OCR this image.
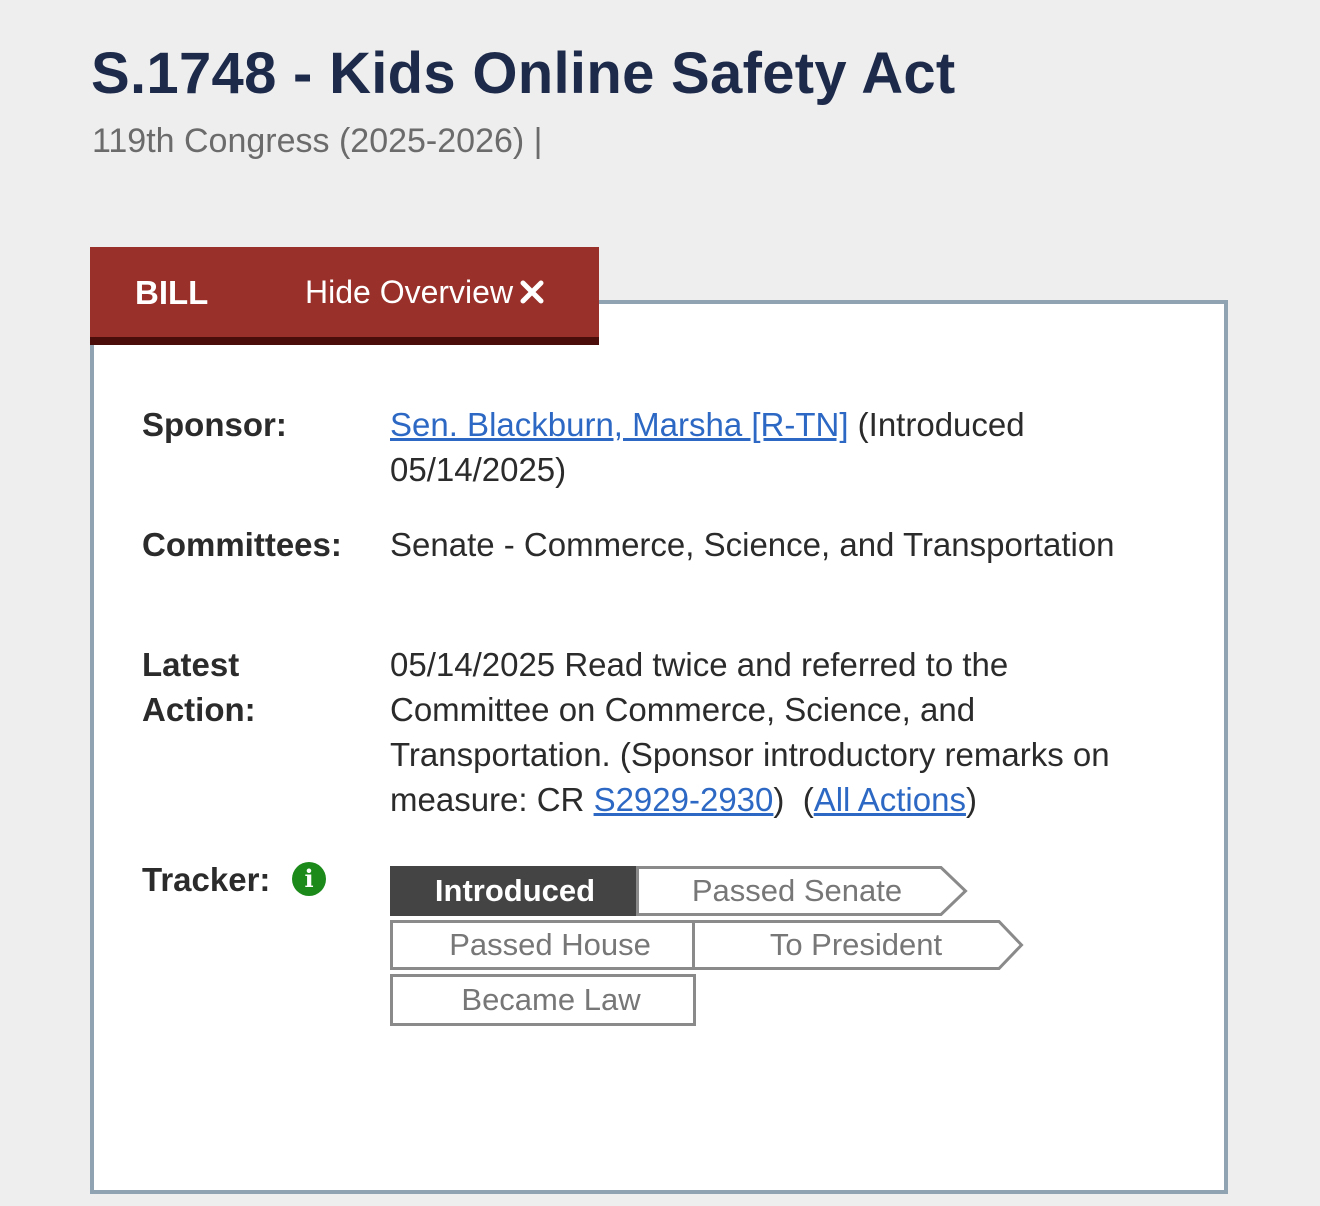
S.1748 - Kids Online Safety Act
119th Congress (2025-2026) |
BILL	Hide Overview
Sponsor:	Sen. Blackburn, Marsha [R-TN] (Introduced 05/14/2025)
Committees: Senate - Commerce, Science, and Transportation
Latest
Action:
05/14/2025 Read twice and referred to the Committee on Commerce, Science, and Transportation. (Sponsor introductory remarks on measure: CR S2929-2930)  (All Actions)
Tracker:	i	Introduced	Passed Senate
Passed House	To President
Became Law
